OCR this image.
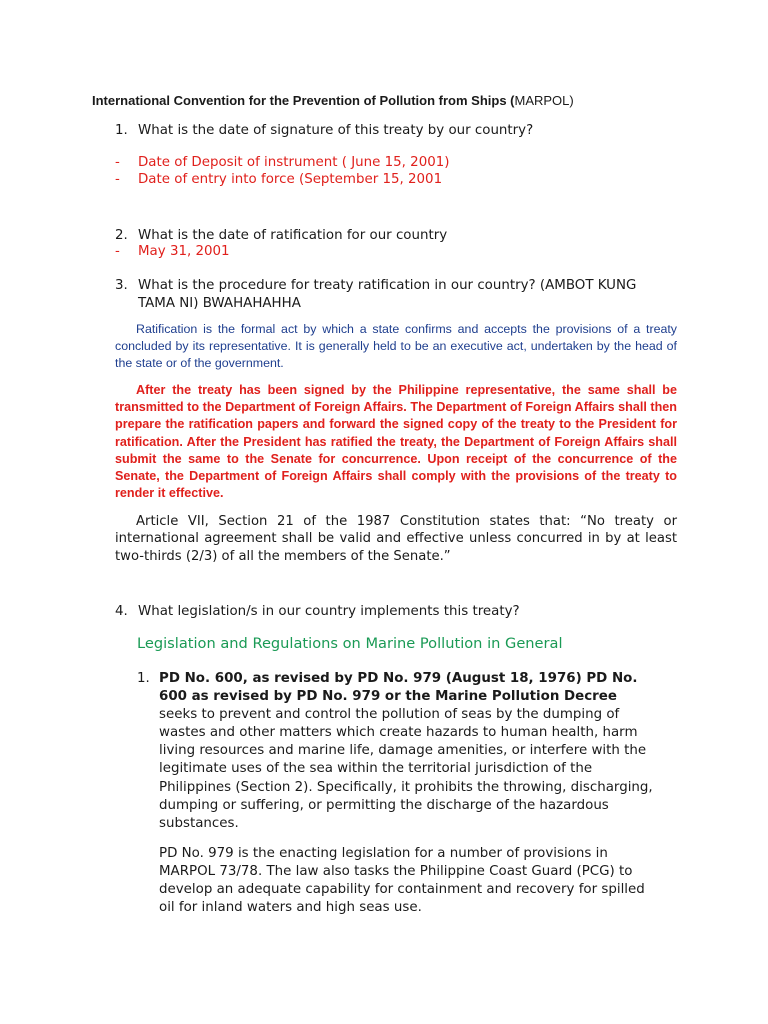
International Convention for the Prevention of Pollution from Ships (MARPOL)
1. What is the date of signature of this treaty by our country?
- Date of Deposit of instrument ( June 15, 2001)
- Date of entry into force (September 15, 2001
2. What is the date of ratification for our country
- May 31, 2001
3. What is the procedure for treaty ratification in our country? (AMBOT KUNG
TAMA NI) BWAHAHAHHA
Ratification is the formal act by which a state confirms and accepts the provisions of a treaty concluded by its representative. It is generally held to be an executive act, undertaken by the head of the state or of the government.
After the treaty has been signed by the Philippine representative, the same shall be transmitted to the Department of Foreign Affairs. The Department of Foreign Affairs shall then prepare the ratification papers and forward the signed copy of the treaty to the President for ratification. After the President has ratified the treaty, the Department of Foreign Affairs shall submit the same to the Senate for concurrence. Upon receipt of the concurrence of the Senate, the Department of Foreign Affairs shall comply with the provisions of the treaty to render it effective.
Article VII, Section 21 of the 1987 Constitution states that: “No treaty or international agreement shall be valid and effective unless concurred in by at least two-thirds (2/3) of all the members of the Senate.”
4. What legislation/s in our country implements this treaty?
Legislation and Regulations on Marine Pollution in General
1. PD No. 600, as revised by PD No. 979 (August 18, 1976) PD No. 600 as revised by PD No. 979 or the Marine Pollution Decree seeks to prevent and control the pollution of seas by the dumping of wastes and other matters which create hazards to human health, harm living resources and marine life, damage amenities, or interfere with the legitimate uses of the sea within the territorial jurisdiction of the Philippines (Section 2). Specifically, it prohibits the throwing, discharging, dumping or suffering, or permitting the discharge of the hazardous substances.
PD No. 979 is the enacting legislation for a number of provisions in MARPOL 73/78. The law also tasks the Philippine Coast Guard (PCG) to develop an adequate capability for containment and recovery for spilled oil for inland waters and high seas use.
